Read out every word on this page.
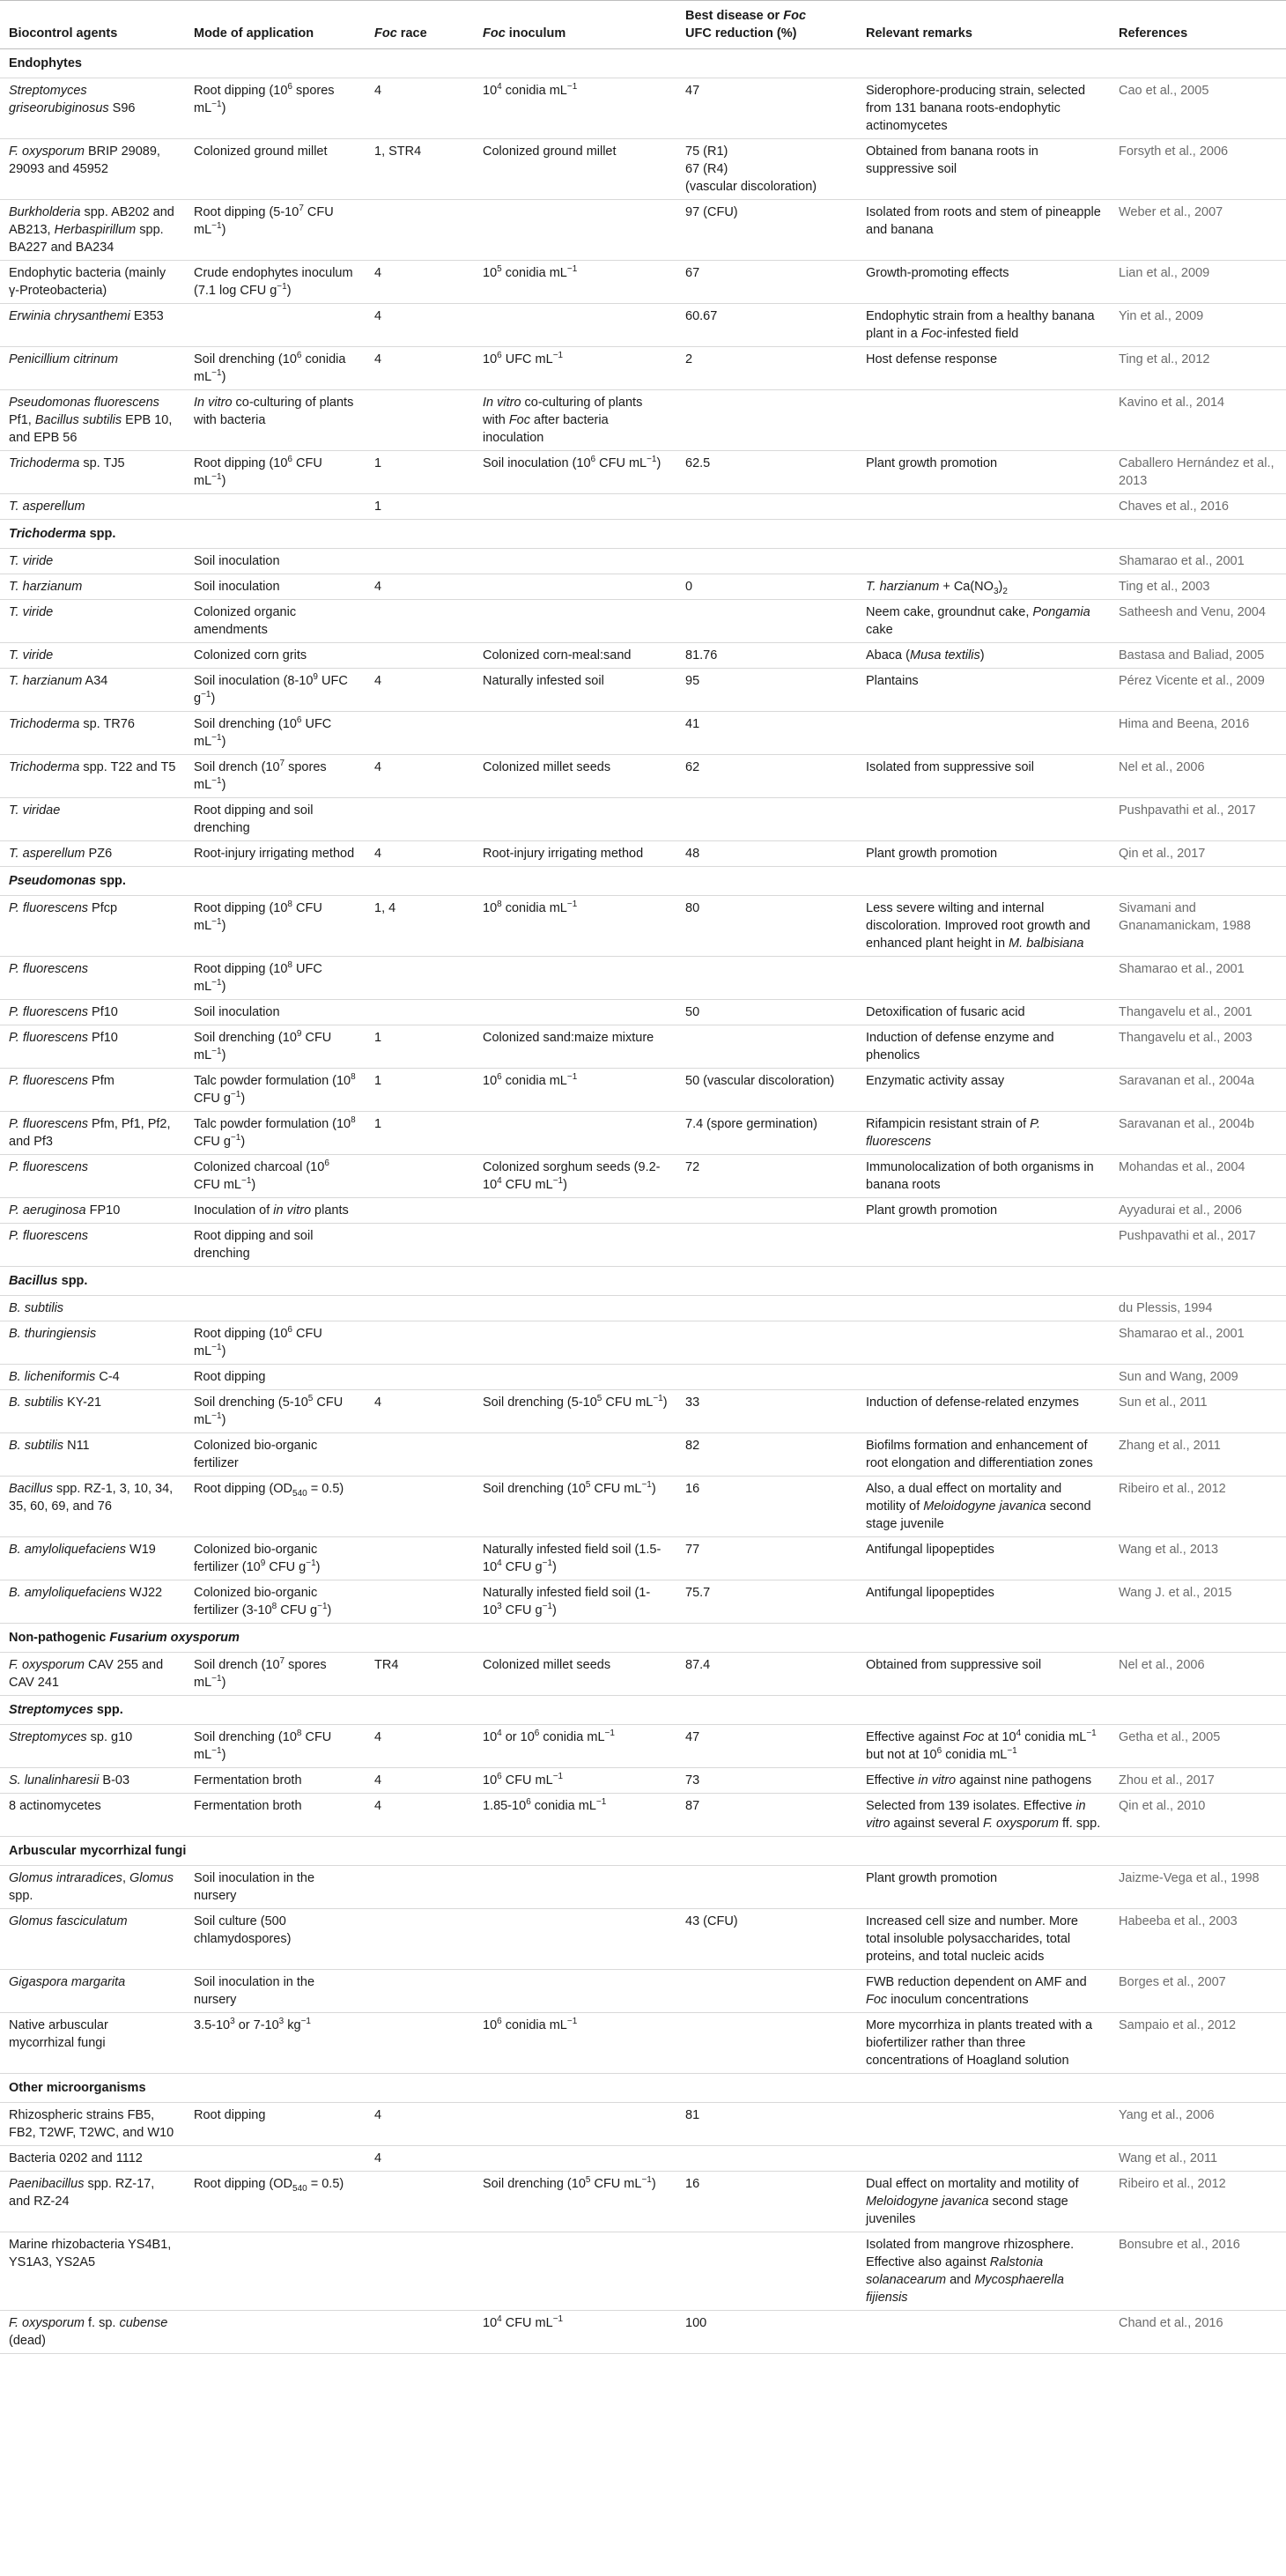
Biocontrol agents	Mode of application	Foc race	Foc inoculum	Best disease or Foc
UFC reduction (%)	Relevant remarks	References
Endophytes						
Streptomyces griseorubiginosus S96	Root dipping ($10^6$ spores $mL^{-1}$)	4	$10^4$ conidia $mL^{-1}$	47	Siderophore-producing strain, selected from 131 banana roots-endophytic actinomycetes	Cao et al., 2005
F. oxysporum BRIP 29089, 29093 and 45952	Colonized ground millet	1, STR4	Colonized ground millet	75 (R1)
67 (R4)
(vascular discoloration)	Obtained from banana roots in suppressive soil	Forsyth et al., 2006
Burkholderia spp. AB202 and AB213, Herbaspirillum spp. BA227 and BA234	Root dipping ($5-10^7$ CFU $mL^{-1}$)			97 (CFU)	Isolated from roots and stem of pineapple and banana	Weber et al., 2007
Endophytic bacteria (mainly γ-Proteobacteria)	Crude endophytes inoculum (7.1 log CFU $g^{-1}$)	4	$10^5$ conidia $mL^{-1}$	67	Growth-promoting effects	Lian et al., 2009
Erwinia chrysanthemi E353		4		60.67	Endophytic strain from a healthy banana plant in a Foc-infested field	Yin et al., 2009
Penicillium citrinum	Soil drenching ($10^6$ conidia $mL^{-1}$)	4	$10^6$ UFC $mL^{-1}$	2	Host defense response	Ting et al., 2012
Pseudomonas fluorescens Pf1, Bacillus subtilis EPB 10, and EPB 56	In vitro co-culturing of plants with bacteria		In vitro co-culturing of plants with Foc after bacteria inoculation			Kavino et al., 2014
Trichoderma sp. TJ5	Root dipping ($10^6$ CFU $mL^{-1}$)	1	Soil inoculation ($10^6$ CFU $mL^{-1}$)	62.5	Plant growth promotion	Caballero Hernández et al., 2013
T. asperellum		1				Chaves et al., 2016
Trichoderma spp.						
T. viride	Soil inoculation					Shamarao et al., 2001
T. harzianum	Soil inoculation	4		0	T. harzianum + $Ca(NO_3)_2$	Ting et al., 2003
T. viride	Colonized organic amendments				Neem cake, groundnut cake, Pongamia cake	Satheesh and Venu, 2004
T. viride	Colonized corn grits		Colonized corn-meal:sand	81.76	Abaca (Musa textilis)	Bastasa and Baliad, 2005
T. harzianum A34	Soil inoculation ($8-10^9$ UFC $g^{-1}$)	4	Naturally infested soil	95	Plantains	Pérez Vicente et al., 2009
Trichoderma sp. TR76	Soil drenching ($10^6$ UFC $mL^{-1}$)			41		Hima and Beena, 2016
Trichoderma spp. T22 and T5	Soil drench ($10^7$ spores $mL^{-1}$)	4	Colonized millet seeds	62	Isolated from suppressive soil	Nel et al., 2006
T. viridae	Root dipping and soil drenching					Pushpavathi et al., 2017
T. asperellum PZ6	Root-injury irrigating method	4	Root-injury irrigating method	48	Plant growth promotion	Qin et al., 2017
Pseudomonas spp.						
P. fluorescens Pfcp	Root dipping ($10^8$ CFU $mL^{-1}$)	1, 4	$10^8$ conidia $mL^{-1}$	80	Less severe wilting and internal discoloration. Improved root growth and enhanced plant height in M. balbisiana	Sivamani and Gnanamanickam, 1988
P. fluorescens	Root dipping ($10^8$ UFC $mL^{-1}$)					Shamarao et al., 2001
P. fluorescens Pf10	Soil inoculation			50	Detoxification of fusaric acid	Thangavelu et al., 2001
P. fluorescens Pf10	Soil drenching ($10^9$ CFU $mL^{-1}$)	1	Colonized sand:maize mixture		Induction of defense enzyme and phenolics	Thangavelu et al., 2003
P. fluorescens Pfm	Talc powder formulation ($10^8$ CFU $g^{-1}$)	1	$10^6$ conidia $mL^{-1}$	50 (vascular discoloration)	Enzymatic activity assay	Saravanan et al., 2004a
P. fluorescens Pfm, Pf1, Pf2, and Pf3	Talc powder formulation ($10^8$ CFU $g^{-1}$)	1		7.4 (spore germination)	Rifampicin resistant strain of P. fluorescens	Saravanan et al., 2004b
P. fluorescens	Colonized charcoal ($10^6$ CFU $mL^{-1}$)		Colonized sorghum seeds ($9.2-10^4$ CFU $mL^{-1}$)	72	Immunolocalization of both organisms in banana roots	Mohandas et al., 2004
P. aeruginosa FP10	Inoculation of in vitro plants				Plant growth promotion	Ayyadurai et al., 2006
P. fluorescens	Root dipping and soil drenching					Pushpavathi et al., 2017
Bacillus spp.						
B. subtilis						du Plessis, 1994
B. thuringiensis	Root dipping ($10^6$ CFU $mL^{-1}$)					Shamarao et al., 2001
B. licheniformis C-4	Root dipping					Sun and Wang, 2009
B. subtilis KY-21	Soil drenching ($5-10^5$ CFU $mL^{-1}$)	4	Soil drenching ($5-10^5$ CFU $mL^{-1}$)	33	Induction of defense-related enzymes	Sun et al., 2011
B. subtilis N11	Colonized bio-organic fertilizer			82	Biofilms formation and enhancement of root elongation and differentiation zones	Zhang et al., 2011
Bacillus spp. RZ-1, 3, 10, 34, 35, 60, 69, and 76	Root dipping $(OD_{540} = 0.5)$		Soil drenching ($10^5$ CFU $mL^{-1}$)	16	Also, a dual effect on mortality and motility of Meloidogyne javanica second stage juvenile	Ribeiro et al., 2012
B. amyloliquefaciens W19	Colonized bio-organic fertilizer ($10^9$ CFU $g^{-1}$)		Naturally infested field soil ($1.5-10^4$ CFU $g^{-1}$)	77	Antifungal lipopeptides	Wang et al., 2013
B. amyloliquefaciens WJ22	Colonized bio-organic fertilizer ($3-10^8$ CFU $g^{-1}$)		Naturally infested field soil ($1-10^3$ CFU $g^{-1}$)	75.7	Antifungal lipopeptides	Wang J. et al., 2015
Non-pathogenic Fusarium oxysporum						
F. oxysporum CAV 255 and CAV 241	Soil drench ($10^7$ spores $mL^{-1}$)	TR4	Colonized millet seeds	87.4	Obtained from suppressive soil	Nel et al., 2006
Streptomyces spp.						
Streptomyces sp. g10	Soil drenching ($10^8$ CFU $mL^{-1}$)	4	$10^4$ or $10^6$ conidia $mL^{-1}$	47	Effective against Foc at $10^4$ conidia $mL^{-1}$ but not at $10^6$ conidia $mL^{-1}$	Getha et al., 2005
S. lunalinharesii B-03	Fermentation broth	4	$10^6$ CFU $mL^{-1}$	73	Effective in vitro against nine pathogens	Zhou et al., 2017
8 actinomycetes	Fermentation broth	4	$1.85-10^6$ conidia $mL^{-1}$	87	Selected from 139 isolates. Effective in vitro against several F. oxysporum ff. spp.	Qin et al., 2010
Arbuscular mycorrhizal fungi						
Glomus intraradices, Glomus spp.	Soil inoculation in the nursery				Plant growth promotion	Jaizme-Vega et al., 1998
Glomus fasciculatum	Soil culture (500 chlamydospores)			43 (CFU)	Increased cell size and number. More total insoluble polysaccharides, total proteins, and total nucleic acids	Habeeba et al., 2003
Gigaspora margarita	Soil inoculation in the nursery				FWB reduction dependent on AMF and Foc inoculum concentrations	Borges et al., 2007
Native arbuscular mycorrhizal fungi	$3.5-10^3$ or $7-10^3$ $kg^{-1}$		$10^6$ conidia $mL^{-1}$		More mycorrhiza in plants treated with a biofertilizer rather than three concentrations of Hoagland solution	Sampaio et al., 2012
Other microorganisms						
Rhizospheric strains FB5, FB2, T2WF, T2WC, and W10	Root dipping	4		81		Yang et al., 2006
Bacteria 0202 and 1112		4				Wang et al., 2011
Paenibacillus spp. RZ-17, and RZ-24	Root dipping $(OD_{540} = 0.5)$		Soil drenching ($10^5$ CFU $mL^{-1}$)	16	Dual effect on mortality and motility of Meloidogyne javanica second stage juveniles	Ribeiro et al., 2012
Marine rhizobacteria YS4B1, YS1A3, YS2A5					Isolated from mangrove rhizosphere. Effective also against Ralstonia solanacearum and Mycosphaerella fijiensis	Bonsubre et al., 2016
F. oxysporum f. sp. cubense (dead)			$10^4$ CFU $mL^{-1}$	100		Chand et al., 2016
